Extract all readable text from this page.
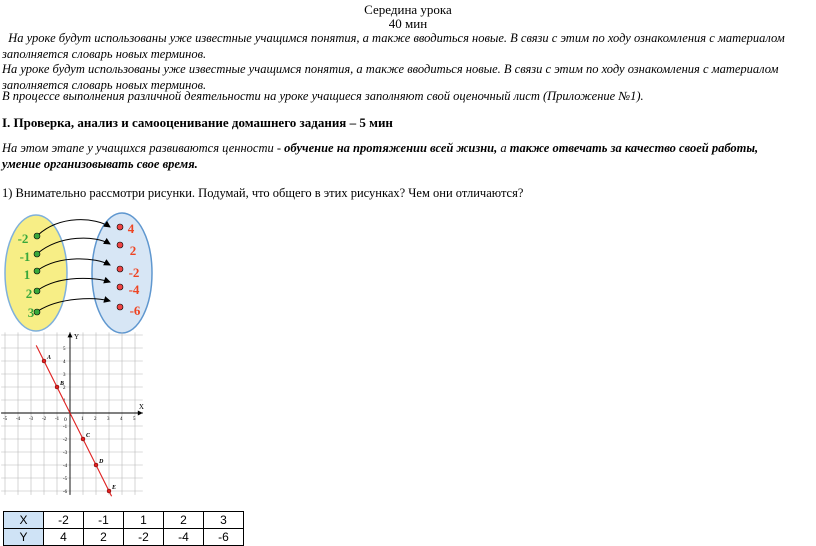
Середина урока
40 мин
На уроке будут использованы уже известные учащимся понятия, а также вводиться новые. В связи с этим по ходу ознакомления с материалом заполняется словарь новых терминов.
На уроке будут использованы уже известные учащимся понятия, а также вводиться новые. В связи с этим по ходу ознакомления с материалом заполняется словарь новых терминов.
В процессе выполнения различной деятельности на уроке учащиеся заполняют свой оценочный лист (Приложение №1).
I. Проверка, анализ и самооценивание домашнего задания – 5 мин
На этом этапе у учащихся развиваются ценности - обучение на протяжении всей жизни, а также отвечать за качество своей работы, умение организовывать свое время.
1) Внимательно рассмотри рисунки. Подумай, что общего в этих рисунках? Чем они отличаются?
-2
-1
1
2
3
4
2
-2
-4
-6
X
Y
0
-5 -4 -3 -2 -1	1 2 3 4 5
5
4
3
2
-1
-2
-3
-4
-5
-6
A
B
C
D
E
X	-2	-1	1	2	3
Y	4	2	-2	-4	-6
